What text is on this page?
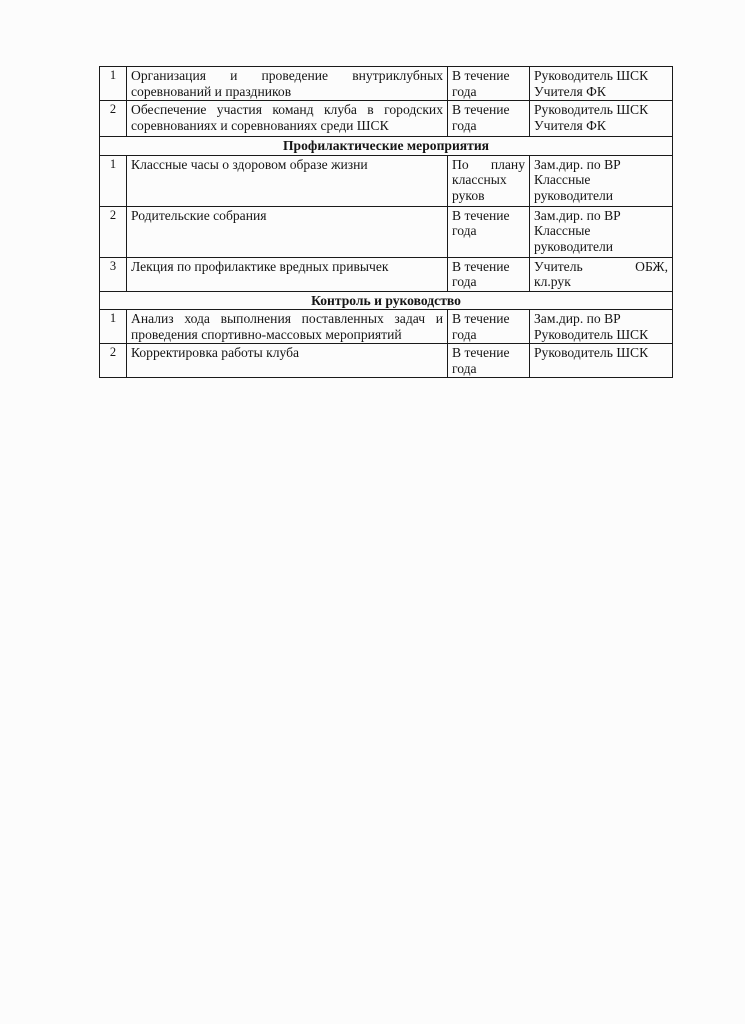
1	Организация и проведение внутриклубных соревнований и праздников	В течение
года	Руководитель ШСК
Учителя ФК

2	Обеспечение участия команд клуба в городских соревнованиях и соревнованиях среди ШСК	В течение
года	Руководитель ШСК
Учителя ФК

Профилактические мероприятия			
1	Классные часы о здоровом образе жизни	По плану
классных
руков	Зам.дир. по ВР
Классные
руководители

2	Родительские собрания	В течение
года	Зам.дир. по ВР
Классные
руководители

3	Лекция по профилактике вредных привычек	В течение
года	Учитель ОБЖ,
кл.рук

Контроль и руководство			
1	Анализ хода выполнения поставленных задач и проведения спортивно-массовых мероприятий	В течение
года	Зам.дир. по ВР
Руководитель ШСК

2	Корректировка работы клуба	В течение
года	Руководитель ШСК
